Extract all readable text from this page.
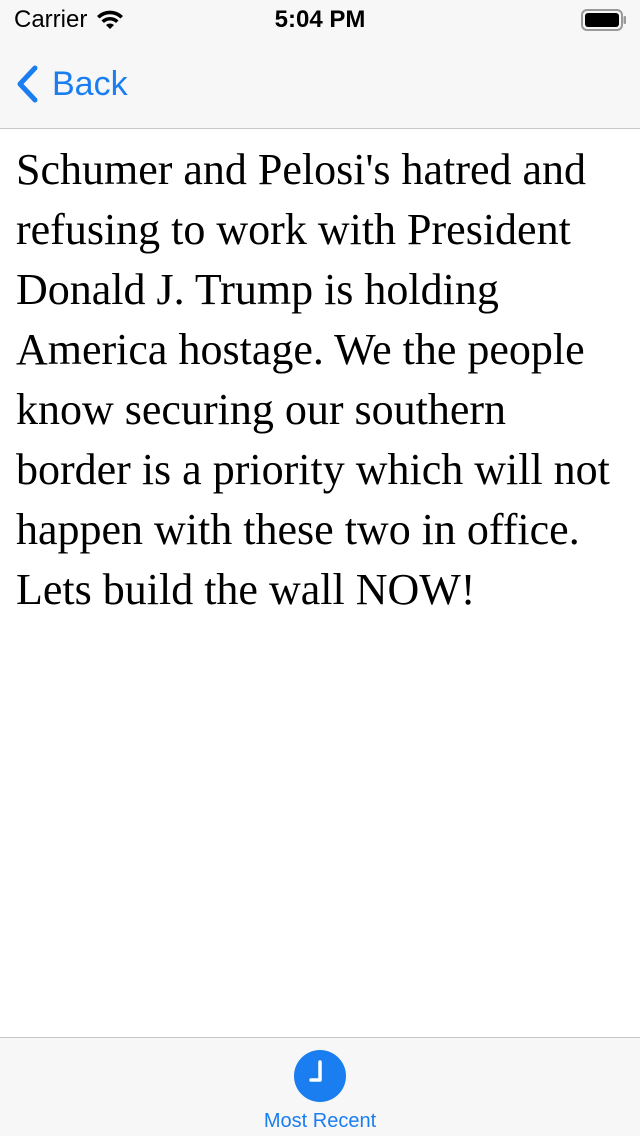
Carrier	5:04 PM
Back

Schumer and Pelosi's hatred and refusing to work with President Donald J. Trump is holding America hostage. We the people know securing our southern border is a priority which will not happen with these two in office. Lets build the wall NOW!

Most Recent
